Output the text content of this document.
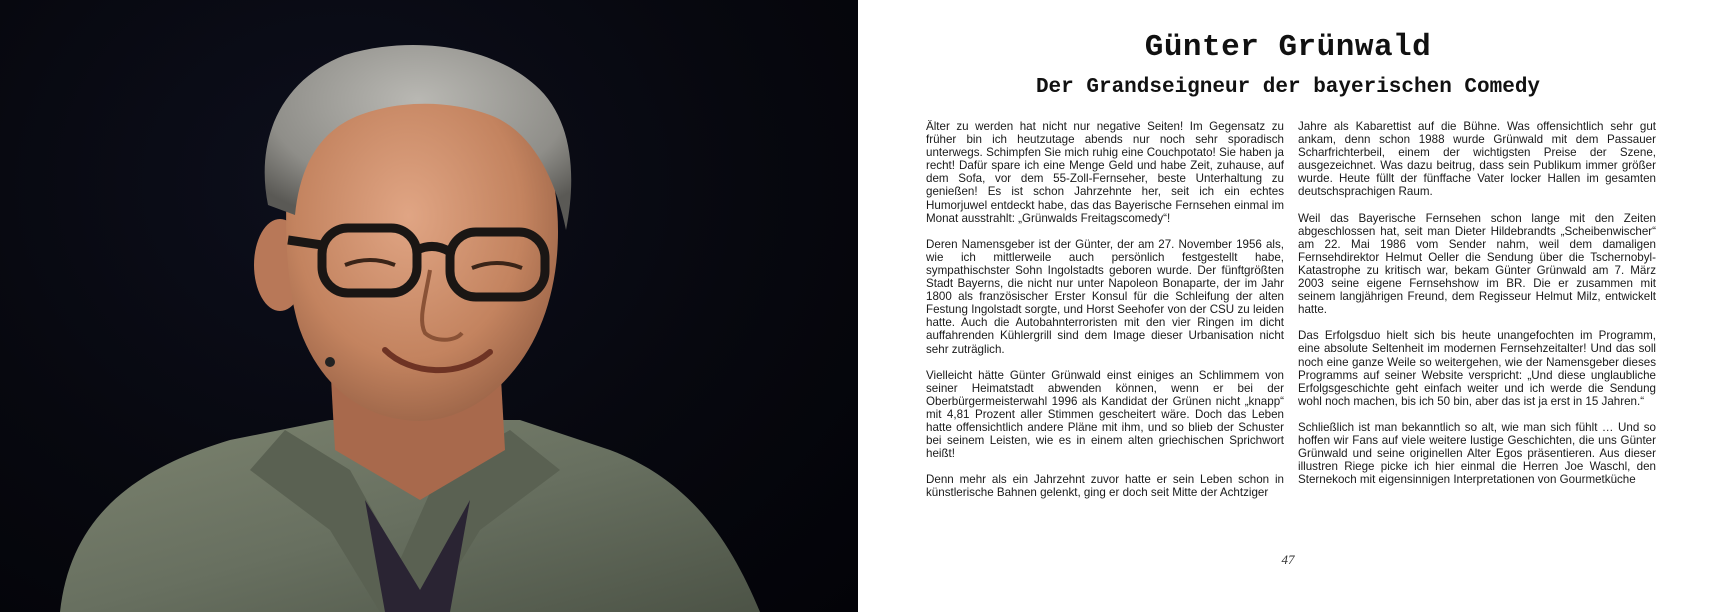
Günter Grünwald
Der Grandseigneur der bayerischen Comedy

Älter zu werden hat nicht nur negative Seiten! Im Gegensatz zu früher bin ich heutzutage abends nur noch sehr sporadisch unterwegs. Schimpfen Sie mich ruhig eine Couchpotato! Sie haben ja recht! Dafür spare ich eine Menge Geld und habe Zeit, zuhause, auf dem Sofa, vor dem 55-Zoll-Fernseher, beste Unterhaltung zu genießen! Es ist schon Jahrzehnte her, seit ich ein echtes Humorjuwel entdeckt habe, das das Bayerische Fernsehen einmal im Monat ausstrahlt: „Grünwalds Freitagscomedy“!

Deren Namensgeber ist der Günter, der am 27. November 1956 als, wie ich mittlerweile auch persönlich festgestellt habe, sympathischster Sohn Ingolstadts geboren wurde. Der fünftgrößten Stadt Bayerns, die nicht nur unter Napoleon Bonaparte, der im Jahr 1800 als französischer Erster Konsul für die Schleifung der alten Festung Ingolstadt sorgte, und Horst Seehofer von der CSU zu leiden hatte. Auch die Autobahnterroristen mit den vier Ringen im dicht auffahrenden Kühlergrill sind dem Image dieser Urbanisation nicht sehr zuträglich.

Vielleicht hätte Günter Grünwald einst einiges an Schlimmem von seiner Heimatstadt abwenden können, wenn er bei der Oberbürgermeisterwahl 1996 als Kandidat der Grünen nicht „knapp“ mit 4,81 Prozent aller Stimmen gescheitert wäre. Doch das Leben hatte offensichtlich andere Pläne mit ihm, und so blieb der Schuster bei seinem Leisten, wie es in einem alten griechischen Sprichwort heißt!

Denn mehr als ein Jahrzehnt zuvor hatte er sein Leben schon in künstlerische Bahnen gelenkt, ging er doch seit Mitte der Achtziger

Jahre als Kabarettist auf die Bühne. Was offensichtlich sehr gut ankam, denn schon 1988 wurde Grünwald mit dem Passauer Scharfrichterbeil, einem der wichtigsten Preise der Szene, ausgezeichnet. Was dazu beitrug, dass sein Publikum immer größer wurde. Heute füllt der fünffache Vater locker Hallen im gesamten deutschsprachigen Raum.

Weil das Bayerische Fernsehen schon lange mit den Zeiten abgeschlossen hat, seit man Dieter Hildebrandts „Scheibenwischer“ am 22. Mai 1986 vom Sender nahm, weil dem damaligen Fernsehdirektor Helmut Oeller die Sendung über die Tschernobyl-Katastrophe zu kritisch war, bekam Günter Grünwald am 7. März 2003 seine eigene Fernsehshow im BR. Die er zusammen mit seinem langjährigen Freund, dem Regisseur Helmut Milz, entwickelt hatte.

Das Erfolgsduo hielt sich bis heute unangefochten im Programm, eine absolute Seltenheit im modernen Fernsehzeitalter! Und das soll noch eine ganze Weile so weitergehen, wie der Namensgeber dieses Programms auf seiner Website verspricht: „Und diese unglaubliche Erfolgsgeschichte geht einfach weiter und ich werde die Sendung wohl noch machen, bis ich 50 bin, aber das ist ja erst in 15 Jahren.“

Schließlich ist man bekanntlich so alt, wie man sich fühlt … Und so hoffen wir Fans auf viele weitere lustige Geschichten, die uns Günter Grünwald und seine originellen Alter Egos präsentieren. Aus dieser illustren Riege picke ich hier einmal die Herren Joe Waschl, den Sternekoch mit eigensinnigen Interpretationen von Gourmetküche

47
